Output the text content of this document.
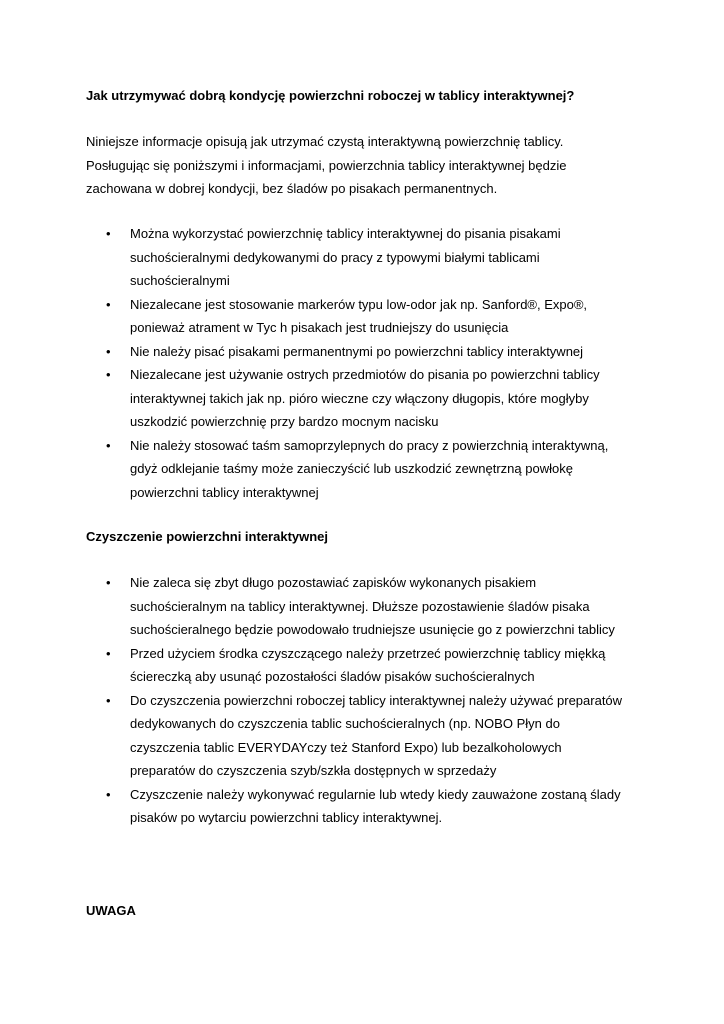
Jak utrzymywać dobrą kondycję powierzchni roboczej w tablicy interaktywnej?
Niniejsze informacje opisują jak utrzymać czystą interaktywną powierzchnię tablicy.
Posługując się poniższymi i informacjami, powierzchnia tablicy interaktywnej będzie
zachowana w dobrej kondycji, bez śladów po pisakach permanentnych.
• Można wykorzystać powierzchnię tablicy interaktywnej do pisania pisakami
suchościeralnymi dedykowanymi do pracy z typowymi białymi tablicami
suchościeralnymi
• Niezalecane jest stosowanie markerów typu low-odor jak np. Sanford®, Expo®,
ponieważ atrament w Tyc h pisakach jest trudniejszy do usunięcia
• Nie należy pisać pisakami permanentnymi po powierzchni tablicy interaktywnej
• Niezalecane jest używanie ostrych przedmiotów do pisania po powierzchni tablicy
interaktywnej takich jak np. pióro wieczne czy włączony długopis, które mogłyby
uszkodzić powierzchnię przy bardzo mocnym nacisku
• Nie należy stosować taśm samoprzylepnych do pracy z powierzchnią interaktywną,
gdyż odklejanie taśmy może zanieczyścić lub uszkodzić zewnętrzną powłokę
powierzchni tablicy interaktywnej
Czyszczenie powierzchni interaktywnej
• Nie zaleca się zbyt długo pozostawiać zapisków wykonanych pisakiem
suchościeralnym na tablicy interaktywnej. Dłuższe pozostawienie śladów pisaka
suchościeralnego będzie powodowało trudniejsze usunięcie go z powierzchni tablicy
• Przed użyciem środka czyszczącego należy przetrzeć powierzchnię tablicy miękką
ściereczką aby usunąć pozostałości śladów pisaków suchościeralnych
• Do czyszczenia powierzchni roboczej tablicy interaktywnej należy używać preparatów
dedykowanych do czyszczenia tablic suchościeralnych (np. NOBO Płyn do
czyszczenia tablic EVERYDAYczy też Stanford Expo) lub bezalkoholowych
preparatów do czyszczenia szyb/szkła dostępnych w sprzedaży
• Czyszczenie należy wykonywać regularnie lub wtedy kiedy zauważone zostaną ślady
pisaków po wytarciu powierzchni tablicy interaktywnej.
UWAGA
